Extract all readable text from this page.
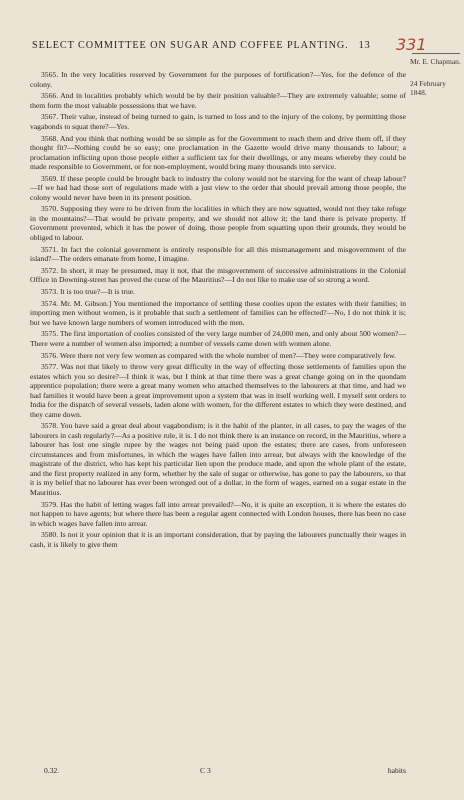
SELECT COMMITTEE ON SUGAR AND COFFEE PLANTING. 13	331
Mr. E. Chapman.
24 February 1848.

3565. In the very localities reserved by Government for the purposes of fortification?—Yes, for the defence of the colony.

3566. And in localities probably which would be by their position valuable?—They are extremely valuable; some of them form the most valuable possessions that we have.

3567. Their value, instead of being turned to gain, is turned to loss and to the injury of the colony, by permitting those vagabonds to squat there?—Yes.

3568. And you think that nothing would be so simple as for the Government to reach them and drive them off, if they thought fit?—Nothing could be so easy; one proclamation in the Gazette would drive many thousands to labour; a proclamation inflicting upon those people either a sufficient tax for their dwellings, or any means whereby they could be made responsible to Government, or for non-employment, would bring many thousands into service.

3569. If these people could be brought back to industry the colony would not be starving for the want of cheap labour?—If we had had those sort of regulations made with a just view to the order that should prevail among those people, the colony would never have been in its present position.

3570. Supposing they were to be driven from the localities in which they are now squatted, would not they take refuge in the mountains?—That would be private property, and we should not allow it; the land there is private property. If Government prevented, which it has the power of doing, those people from squatting upon their grounds, they would be obliged to labour.

3571. In fact the colonial government is entirely responsible for all this mismanagement and misgovernment of the island?—The orders emanate from home, I imagine.

3572. In short, it may be presumed, may it not, that the misgovernment of successive administrations in the Colonial Office in Downing-street has proved the curse of the Mauritius?—I do not like to make use of so strong a word.

3573. It is too true?—It is true.

3574. Mr. M. Gibson.] You mentioned the importance of settling these coolies upon the estates with their families; in importing men without women, is it probable that such a settlement of families can be effected?—No, I do not think it is; but we have known large numbers of women introduced with the men.

3575. The first importation of coolies consisted of the very large number of 24,000 men, and only about 500 women?—There were a number of women also imported; a number of vessels came down with women alone.

3576. Were there not very few women as compared with the whole number of men?—They were comparatively few.

3577. Was not that likely to throw very great difficulty in the way of effecting those settlements of families upon the estates which you so desire?—I think it was, but I think at that time there was a great change going on in the quondam apprentice population; there were a great many women who attached themselves to the labourers at that time, and had we had families it would have been a great improvement upon a system that was in itself working well. I myself sent orders to India for the dispatch of several vessels, laden alone with women, for the different estates to which they were destined, and they came down.

3578. You have said a great deal about vagabondism; is it the habit of the planter, in all cases, to pay the wages of the labourers in cash regularly?—As a positive rule, it is. I do not think there is an instance on record, in the Mauritius, where a labourer has lost one single rupee by the wages not being paid upon the estates; there are cases, from unforeseen circumstances and from misfortunes, in which the wages have fallen into arrear, but always with the knowledge of the magistrate of the district, who has kept his particular lien upon the produce made, and upon the whole plant of the estate, and the first property realized in any form, whether by the sale of sugar or otherwise, has gone to pay the labourers, so that it is my belief that no labourer has ever been wronged out of a dollar, in the form of wages, earned on a sugar estate in the Mauritius.

3579. Has the habit of letting wages fall into arrear prevailed?—No, it is quite an exception, it is where the estates do not happen to have agents; but where there has been a regular agent connected with London houses, there has been no case in which wages have fallen into arrear.

3580. Is not it your opinion that it is an important consideration, that by paying the labourers punctually their wages in cash, it is likely to give them

0.32.	C 3	habits
